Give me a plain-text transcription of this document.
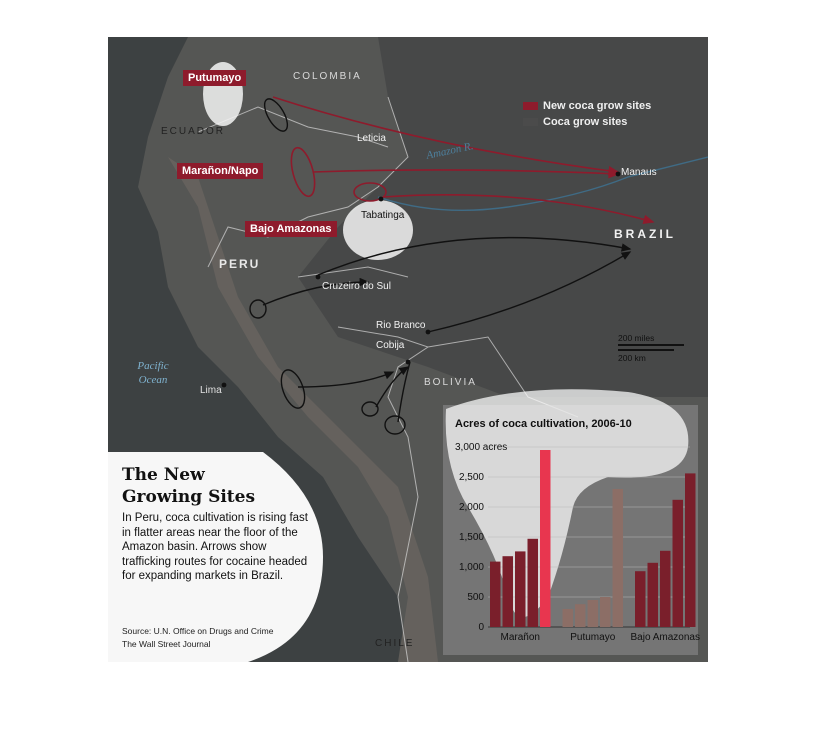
3,000 acres
2,500
2,000
1,500
1,000
500
0
Marañon	Putumayo Bajo Amazonas
COLOMBIA
ECUADOR
PERU
BOLIVIA
CHILE
BRAZIL
Leticia
Tabatinga
Manaus
Cruzeiro do Sul
Rio Branco
Cobija
Lima
Putumayo
Marañon/Napo
Bajo Amazonas
Amazon R.
Pacific Ocean
200 miles
200 km
New coca grow sites
Coca grow sites
The New
Growing Sites
In Peru, coca cultivation is rising fast in flatter areas near the floor of the Amazon basin. Arrows show trafficking routes for cocaine headed for expanding markets in Brazil.
Source: U.N. Office on Drugs and Crime
The Wall Street Journal
Acres of coca cultivation, 2006-10
